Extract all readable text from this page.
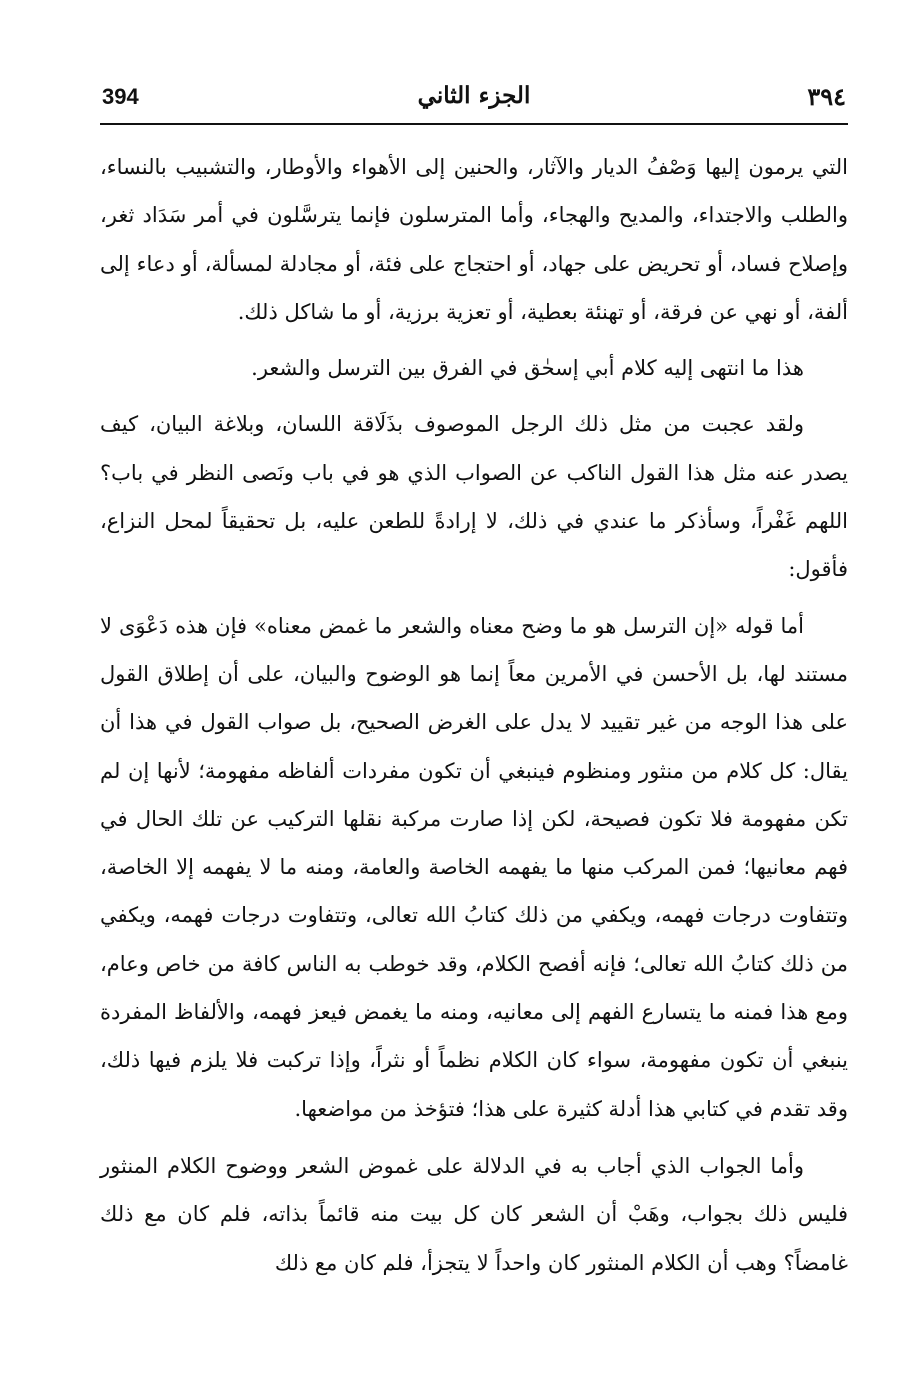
394	الجزء الثاني	٣٩٤

التي يرمون إليها وَصْفُ الديار والآثار، والحنين إلى الأهواء والأوطار، والتشبيب بالنساء، والطلب والاجتداء، والمديح والهجاء، وأما المترسلون فإنما يترسَّلون في أمر سَدَاد ثغر، وإصلاح فساد، أو تحريض على جهاد، أو احتجاج على فئة، أو مجادلة لمسألة، أو دعاء إلى ألفة، أو نهي عن فرقة، أو تهنئة بعطية، أو تعزية برزية، أو ما شاكل ذلك.

هذا ما انتهى إليه كلام أبي إسحٰق في الفرق بين الترسل والشعر.

ولقد عجبت من مثل ذلك الرجل الموصوف بذَلَاقة اللسان، وبلاغة البيان، كيف يصدر عنه مثل هذا القول الناكب عن الصواب الذي هو في باب ونَصى النظر في باب؟ اللهم غَفْراً، وسأذكر ما عندي في ذلك، لا إرادةً للطعن عليه، بل تحقيقاً لمحل النزاع، فأقول:

أما قوله «إن الترسل هو ما وضح معناه والشعر ما غمض معناه» فإن هذه دَعْوَى لا مستند لها، بل الأحسن في الأمرين معاً إنما هو الوضوح والبيان، على أن إطلاق القول على هذا الوجه من غير تقييد لا يدل على الغرض الصحيح، بل صواب القول في هذا أن يقال: كل كلام من منثور ومنظوم فينبغي أن تكون مفردات ألفاظه مفهومة؛ لأنها إن لم تكن مفهومة فلا تكون فصيحة، لكن إذا صارت مركبة نقلها التركيب عن تلك الحال في فهم معانيها؛ فمن المركب منها ما يفهمه الخاصة والعامة، ومنه ما لا يفهمه إلا الخاصة، وتتفاوت درجات فهمه، ويكفي من ذلك كتابُ الله تعالى، وتتفاوت درجات فهمه، ويكفي من ذلك كتابُ الله تعالى؛ فإنه أفصح الكلام، وقد خوطب به الناس كافة من خاص وعام، ومع هذا فمنه ما يتسارع الفهم إلى معانيه، ومنه ما يغمض فيعز فهمه، والألفاظ المفردة ينبغي أن تكون مفهومة، سواء كان الكلام نظماً أو نثراً، وإذا تركبت فلا يلزم فيها ذلك، وقد تقدم في كتابي هذا أدلة كثيرة على هذا؛ فتؤخذ من مواضعها.

وأما الجواب الذي أجاب به في الدلالة على غموض الشعر ووضوح الكلام المنثور فليس ذلك بجواب، وهَبْ أن الشعر كان كل بيت منه قائماً بذاته، فلم كان مع ذلك غامضاً؟ وهب أن الكلام المنثور كان واحداً لا يتجزأ، فلم كان مع ذلك
